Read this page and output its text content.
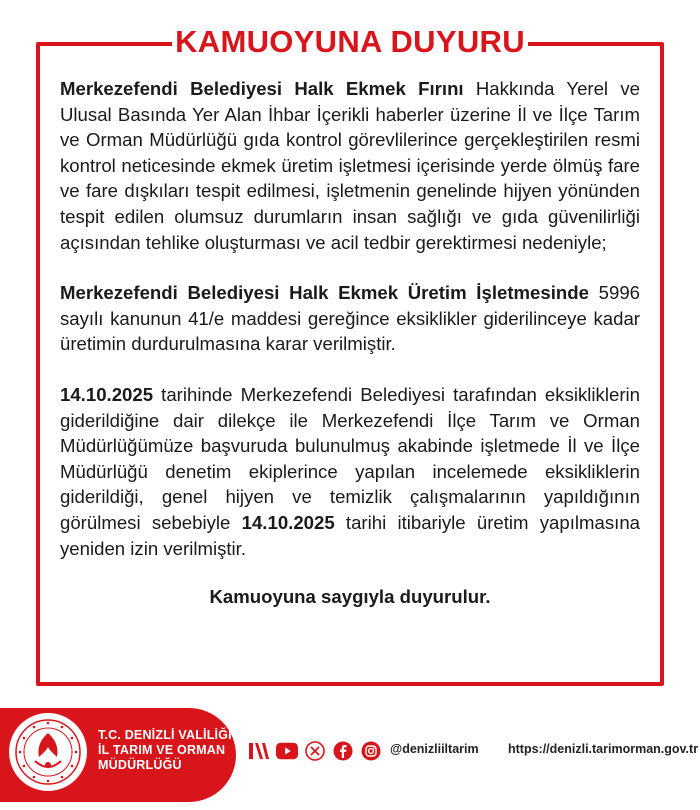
KAMUOYUNA DUYURU

Merkezefendi Belediyesi Halk Ekmek Fırını Hakkında Yerel ve Ulusal Basında Yer Alan İhbar İçerikli haberler üzerine İl ve İlçe Tarım ve Orman Müdürlüğü gıda kontrol görevlilerince gerçekleştirilen resmi kontrol neticesinde ekmek üretim işletmesi içerisinde yerde ölmüş fare ve fare dışkıları tespit edilmesi, işletmenin genelinde hijyen yönünden tespit edilen olumsuz durumların insan sağlığı ve gıda güvenilirliği açısından tehlike oluşturması ve acil tedbir gerektirmesi nedeniyle;

Merkezefendi Belediyesi Halk Ekmek Üretim İşletmesinde 5996 sayılı kanunun 41/e maddesi gereğince eksiklikler giderilinceye kadar üretimin durdurulmasına karar verilmiştir.

14.10.2025 tarihinde Merkezefendi Belediyesi tarafından eksikliklerin giderildiğine dair dilekçe ile Merkezefendi İlçe Tarım ve Orman Müdürlüğümüze başvuruda bulunulmuş akabinde işletmede İl ve İlçe Müdürlüğü denetim ekiplerince yapılan incelemede eksikliklerin giderildiği, genel hijyen ve temizlik çalışmalarının yapıldığının görülmesi sebebiyle 14.10.2025 tarihi itibariyle üretim yapılmasına yeniden izin verilmiştir.

Kamuoyuna saygıyla duyurulur.

T.C. DENİZLİ VALİLİĞİ
İL TARIM VE ORMAN
MÜDÜRLÜĞÜ
@denizliiltarim https://denizli.tarimorman.gov.tr
